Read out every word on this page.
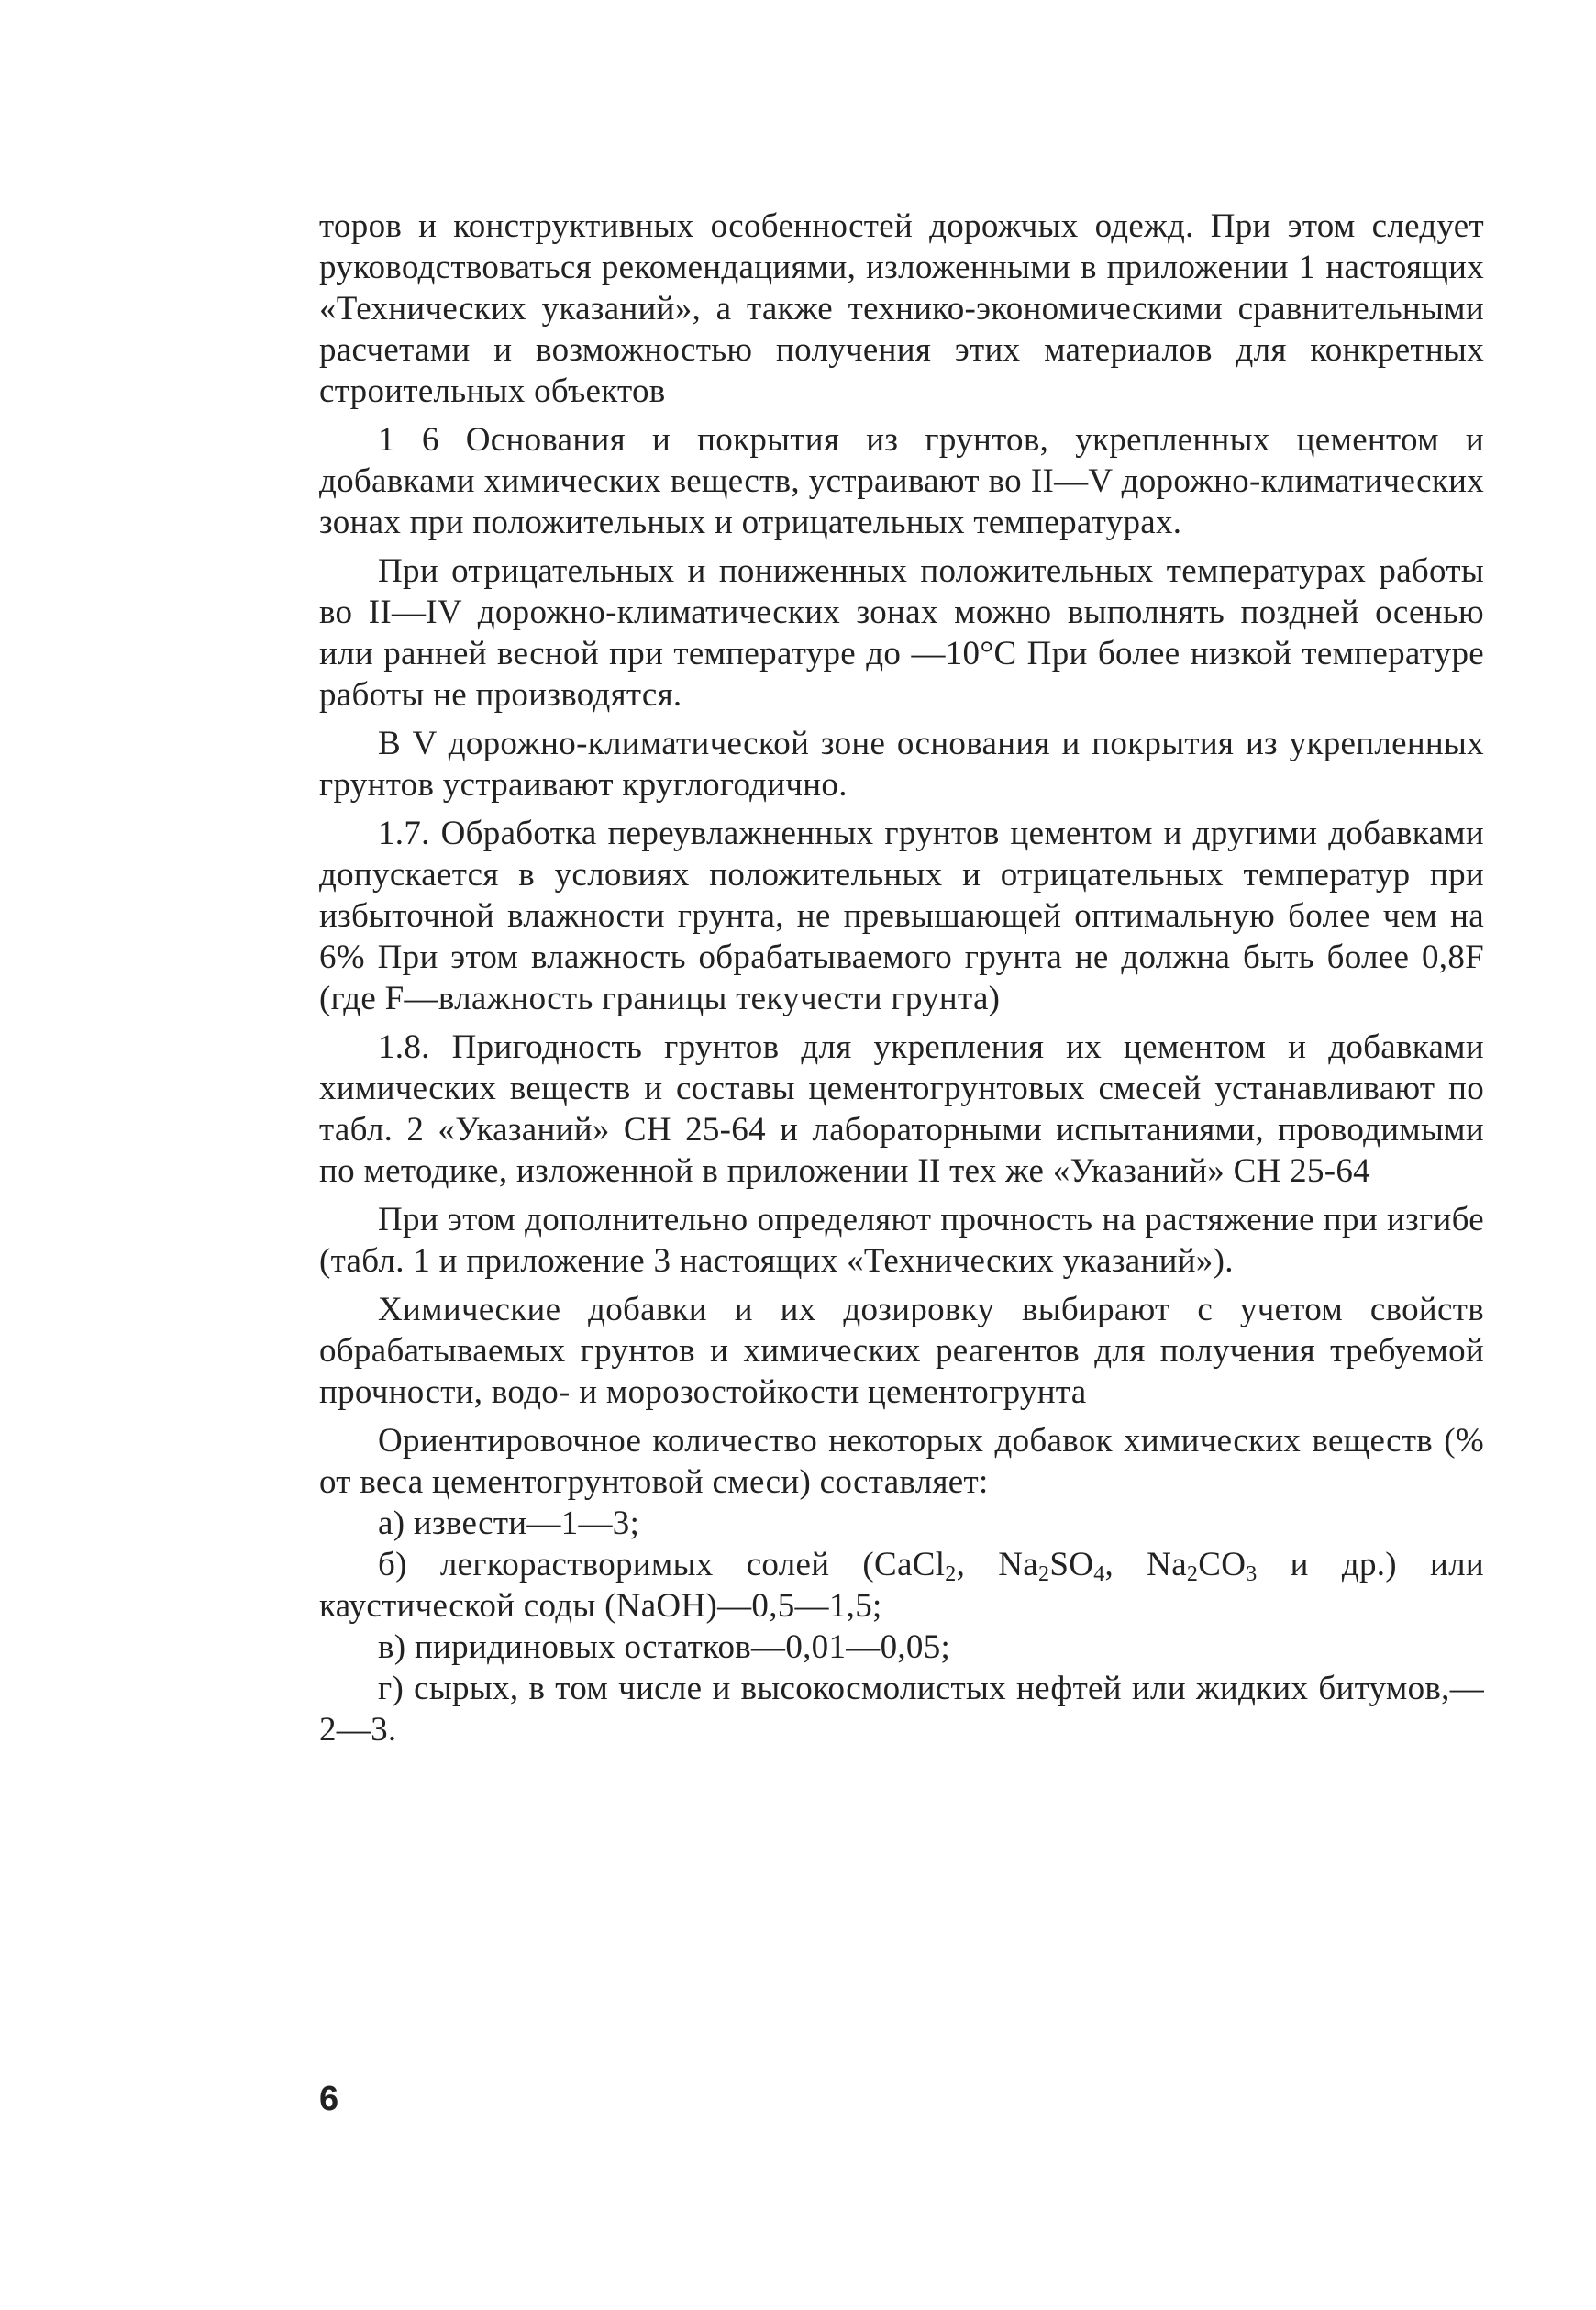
торов и конструктивных особенностей дорожчых одежд. При этом следует руководствоваться рекомендациями, изложенными в приложении 1 настоящих «Технических указаний», а также технико-экономическими сравнительными расчетами и возможностью получения этих материалов для конкретных строительных объектов

1 6 Основания и покрытия из грунтов, укрепленных цементом и добавками химических веществ, устраивают во II—V дорожно-климатических зонах при положительных и отрицательных температурах.

При отрицательных и пониженных положительных температурах работы во II—IV дорожно-климатических зонах можно выполнять поздней осенью или ранней весной при температуре до —10°С При более низкой температуре работы не производятся.

В V дорожно-климатической зоне основания и покрытия из укрепленных грунтов устраивают круглогодично.

1.7. Обработка переувлажненных грунтов цементом и другими добавками допускается в условиях положительных и отрицательных температур при избыточной влажности грунта, не превышающей оптимальную более чем на 6% При этом влажность обрабатываемого грунта не должна быть более 0,8F (где F—влажность границы текучести грунта)

1.8. Пригодность грунтов для укрепления их цементом и добавками химических веществ и составы цементогрунтовых смесей устанавливают по табл. 2 «Указаний» СН 25-64 и лабораторными испытаниями, проводимыми по методике, изложенной в приложении II тех же «Указаний» СН 25-64

При этом дополнительно определяют прочность на растяжение при изгибе (табл. 1 и приложение 3 настоящих «Технических указаний»).

Химические добавки и их дозировку выбирают с учетом свойств обрабатываемых грунтов и химических реагентов для получения требуемой прочности, водо- и морозостойкости цементогрунта

Ориентировочное количество некоторых добавок химических веществ (% от веса цементогрунтовой смеси) составляет:

а) извести—1—3;

б) легкорастворимых солей (CaCl$_2$, $Na_2SO_4$, $Na_2CO_3$ и др.) или каустической соды (NaOH)—0,5—1,5;

в) пиридиновых остатков—0,01—0,05;

г) сырых, в том числе и высокосмолистых нефтей или жидких битумов,—2—3.

6
